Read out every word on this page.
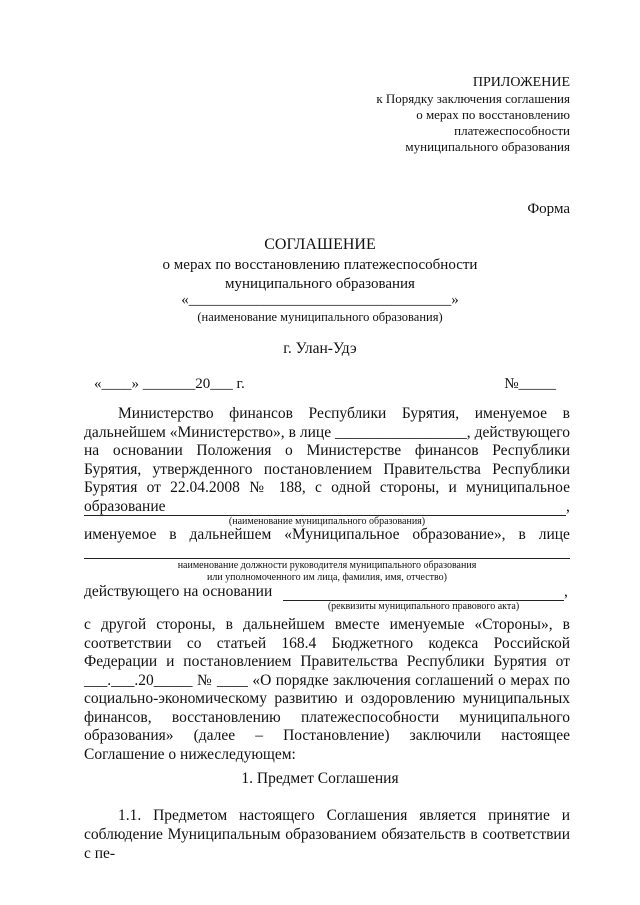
ПРИЛОЖЕНИЕ
к Порядку заключения соглашения
о мерах по восстановлению
платежеспособности
муниципального образования
Форма
СОГЛАШЕНИЕ
о мерах по восстановлению платежеспособности
муниципального образования
«___________________________________»
(наименование муниципального образования)
г. Улан-Удэ
«____» _______20___ г.	№_____
Министерство финансов Республики Бурятия, именуемое в дальнейшем «Министерство», в лице _________________, действующего на основании Положения о Министерстве финансов Республики Бурятия, утвержденного постановлением Правительства Республики Бурятия от 22.04.2008 № 188, с одной стороны, и муниципальное образование	,
(наименование муниципального образования)
именуемое в дальнейшем «Муниципальное образование», в лице
наименование должности руководителя муниципального образования
или уполномоченного им лица, фамилия, имя, отчество)
действующего на основании	,
(реквизиты муниципального правового акта)
с другой стороны, в дальнейшем вместе именуемые «Стороны», в соответствии со статьей 168.4 Бюджетного кодекса Российской Федерации и постановлением Правительства Республики Бурятия от ___.___.20_____ № ____ «О порядке заключения соглашений о мерах по социально-экономическому развитию и оздоровлению муниципальных финансов, восстановлению платежеспособности муниципального образования» (далее – Постановление) заключили настоящее Соглашение о нижеследующем:
1. Предмет Соглашения
1.1. Предметом настоящего Соглашения является принятие и соблюдение Муниципальным образованием обязательств в соответствии с пе-
